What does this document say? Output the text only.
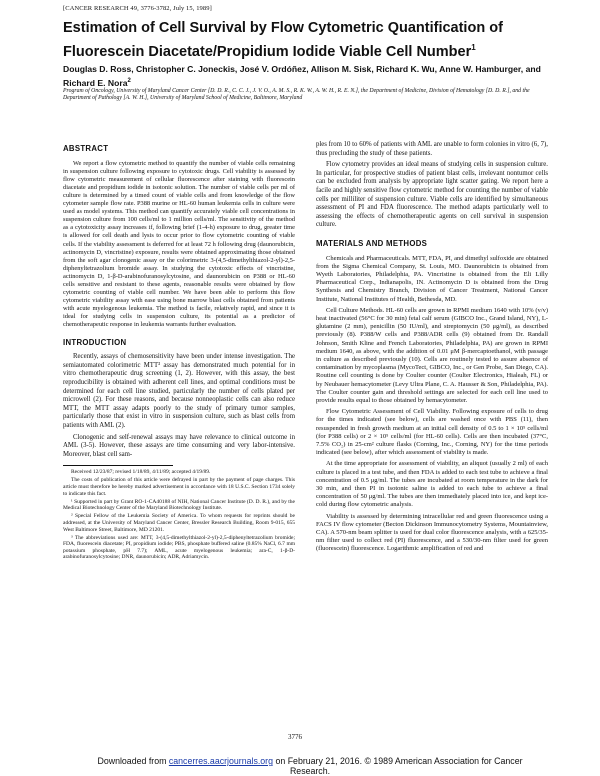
[CANCER RESEARCH 49, 3776-3782, July 15, 1989]
Estimation of Cell Survival by Flow Cytometric Quantification of Fluorescein Diacetate/Propidium Iodide Viable Cell Number$^1$
Douglas D. Ross, Christopher C. Joneckis, José V. Ordóñez, Allison M. Sisk, Richard K. Wu, Anne W. Hamburger, and Richard E. Nora$^2$
Program of Oncology, University of Maryland Cancer Center [D. D. R., C. C. J., J. V. O., A. M. S., R. K. W., A. W. H., R. E. N.], the Department of Medicine, Division of Hematology [D. D. R.], and the Department of Pathology [A. W. H.], University of Maryland School of Medicine, Baltimore, Maryland
ABSTRACT

We report a flow cytometric method to quantify the number of viable cells remaining in suspension culture following exposure to cytotoxic drugs. Cell viability is assessed by flow cytometric measurement of cellular fluorescence after staining with fluorescein diacetate and propidium iodide in isotonic solution. The number of viable cells per ml of culture is determined by a timed count of viable cells and from knowledge of the flow cytometer sample flow rate. P388 murine or HL-60 human leukemia cells in culture were used as model systems. This method can quantify accurately viable cell concentrations in suspension culture from 100 cells/ml to 1 million cells/ml. The sensitivity of the method as a cytotoxicity assay increases if, following brief (1-4-h) exposure to drug, greater time is allowed for cell death and lysis to occur prior to flow cytometric counting of viable cells. If the viability assessment is deferred for at least 72 h following drug (daunorubicin, actinomycin D, vincristine) exposure, results were obtained approximating those obtained from the soft agar clonogenic assay or the colorimetric 3-(4,5-dimethylthiazol-2-yl)-2,5-diphenyltetrazolium bromide assay. In studying the cytotoxic effects of vincristine, actinomycin D, 1-β-D-arabinofuranosylcytosine, and daunorubicin on P388 or HL-60 cells sensitive and resistant to these agents, reasonable results were obtained by flow cytometric counting of viable cell number. We have been able to perform this flow cytometric viability assay with ease using bone marrow blast cells obtained from patients with acute myelogenous leukemia. The method is facile, relatively rapid, and since it is ideal for studying cells in suspension culture, its potential as a predictor of chemotherapeutic response in leukemia warrants further evaluation.

INTRODUCTION

Recently, assays of chemosensitivity have been under intense investigation. The semiautomated colorimetric MTT³ assay has demonstrated much potential for in vitro chemotherapeutic drug screening (1, 2). However, with this assay, the best reproducibility is obtained with adherent cell lines, and optimal conditions must be determined for each cell line studied, particularly the number of cells plated per microwell (2). For these reasons, and because nonneoplastic cells can also reduce MTT, the MTT assay adapts poorly to the study of primary tumor samples, particularly those that exist in vitro in suspension culture, such as blast cells from patients with AML (2).

Clonogenic and self-renewal assays may have relevance to clinical outcome in AML (3-5). However, these assays are time consuming and very labor-intensive. Moreover, blast cell sam-

Received 12/23/87; revised 1/18/89, 4/11/89; accepted 4/19/89.

The costs of publication of this article were defrayed in part by the payment of page charges. This article must therefore be hereby marked advertisement in accordance with 18 U.S.C. Section 1734 solely to indicate this fact.

¹ Supported in part by Grant RO-1-CA40188 of NIH, National Cancer Institute (D. D. R.), and by the Medical Biotechnology Center of the Maryland Biotechnology Institute.

² Special Fellow of the Leukemia Society of America. To whom requests for reprints should be addressed, at the University of Maryland Cancer Center, Bressler Research Building, Room 9-015, 655 West Baltimore Street, Baltimore, MD 21201.

³ The abbreviations used are: MTT, 3-(4,5-dimethylthiazol-2-yl)-2,5-diphenyltetrazolium bromide; FDA, fluorescein diacetate; PI, propidium iodide; PBS, phosphate buffered saline (0.85% NaCl, 6.7 mm potassium phosphate, pH 7.7); AML, acute myelogenous leukemia; ara-C, 1-β-D-arabinofuranosylcytosine; DNR, daunorubicin; ADR, Adriamycin.

ples from 10 to 60% of patients with AML are unable to form colonies in vitro (6, 7), thus precluding the study of these patients.

Flow cytometry provides an ideal means of studying cells in suspension culture. In particular, for prospective studies of patient blast cells, irrelevant nontumor cells can be excluded from analysis by appropriate light scatter gating. We report here a facile and highly sensitive flow cytometric method for counting the number of viable cells per milliliter of suspension culture. Viable cells are identified by simultaneous assessment of PI and FDA fluorescence. The method adapts particularly well to assessing the effects of chemotherapeutic agents on cell survival in suspension culture.

MATERIALS AND METHODS

Chemicals and Pharmaceuticals. MTT, FDA, PI, and dimethyl sulfoxide are obtained from the Sigma Chemical Company, St. Louis, MO. Daunorubicin is obtained from Wyeth Laboratories, Philadelphia, PA. Vincristine is obtained from the Eli Lilly Pharmaceutical Corp., Indianapolis, IN. Actinomycin D is obtained from the Drug Synthesis and Chemistry Branch, Division of Cancer Treatment, National Cancer Institute, National Institutes of Health, Bethesda, MD.

Cell Culture Methods. HL-60 cells are grown in RPMI medium 1640 with 10% (v/v) heat inactivated (56°C for 30 min) fetal calf serum (GIBCO Inc., Grand Island, NY), L-glutamine (2 mm), penicillin (50 IU/ml), and streptomycin (50 μg/ml), as described previously (8). P388/W cells and P388/ADR cells (9) obtained from Dr. Randall Johnson, Smith Kline and French Laboratories, Philadelphia, PA) are grown in RPMI medium 1640, as above, with the addition of 0.01 μM β-mercaptoethanol, with passage in culture as described previously (10). Cells are routinely tested to assure absence of contamination by mycoplasma (MycoTect, GIBCO, Inc., or Gen Probe, San Diego, CA). Routine cell counting is done by Coulter counter (Coulter Electronics, Hialeah, FL) or by Neubauer hemacytometer (Levy Ultra Plane, C. A. Hausser & Son, Philadelphia, PA). The Coulter counter gain and threshold settings are selected for each cell line used to provide results equal to those obtained by hemacytometer.

Flow Cytometric Assessment of Cell Viability. Following exposure of cells to drug for the times indicated (see below), cells are washed once with PBS (11), then resuspended in fresh growth medium at an initial cell density of 0.5 to 1 × 10⁵ cells/ml (for P388 cells) or 2 × 10⁵ cells/ml (for HL-60 cells). Cells are then incubated (37°C, 7.5% CO₂) in 25-cm² culture flasks (Corning, Inc., Corning, NY) for the time periods indicated (see below), after which assessment of viability is made.

At the time appropriate for assessment of viability, an aliquot (usually 2 ml) of each culture is placed in a test tube, and then FDA is added to each test tube to achieve a final concentration of 0.5 μg/ml. The tubes are incubated at room temperature in the dark for 30 min, and then PI in isotonic saline is added to each tube to achieve a final concentration of 50 μg/ml. The tubes are then immediately placed into ice, and kept ice-cold during flow cytometric analysis.

Viability is assessed by determining intracellular red and green fluorescence using a FACS IV flow cytometer (Becton Dickinson Immunocytometry Systems, Mountainview, CA). A 570-nm beam splitter is used for dual color fluorescence analysis, with a 625/35-nm filter used to collect red (PI) fluorescence, and a 530/30-nm filter used for green (fluorescein) fluorescence. Logarithmic amplification of red and

3776
Downloaded from cancerres.aacrjournals.org on February 21, 2016. © 1989 American Association for Cancer Research.
